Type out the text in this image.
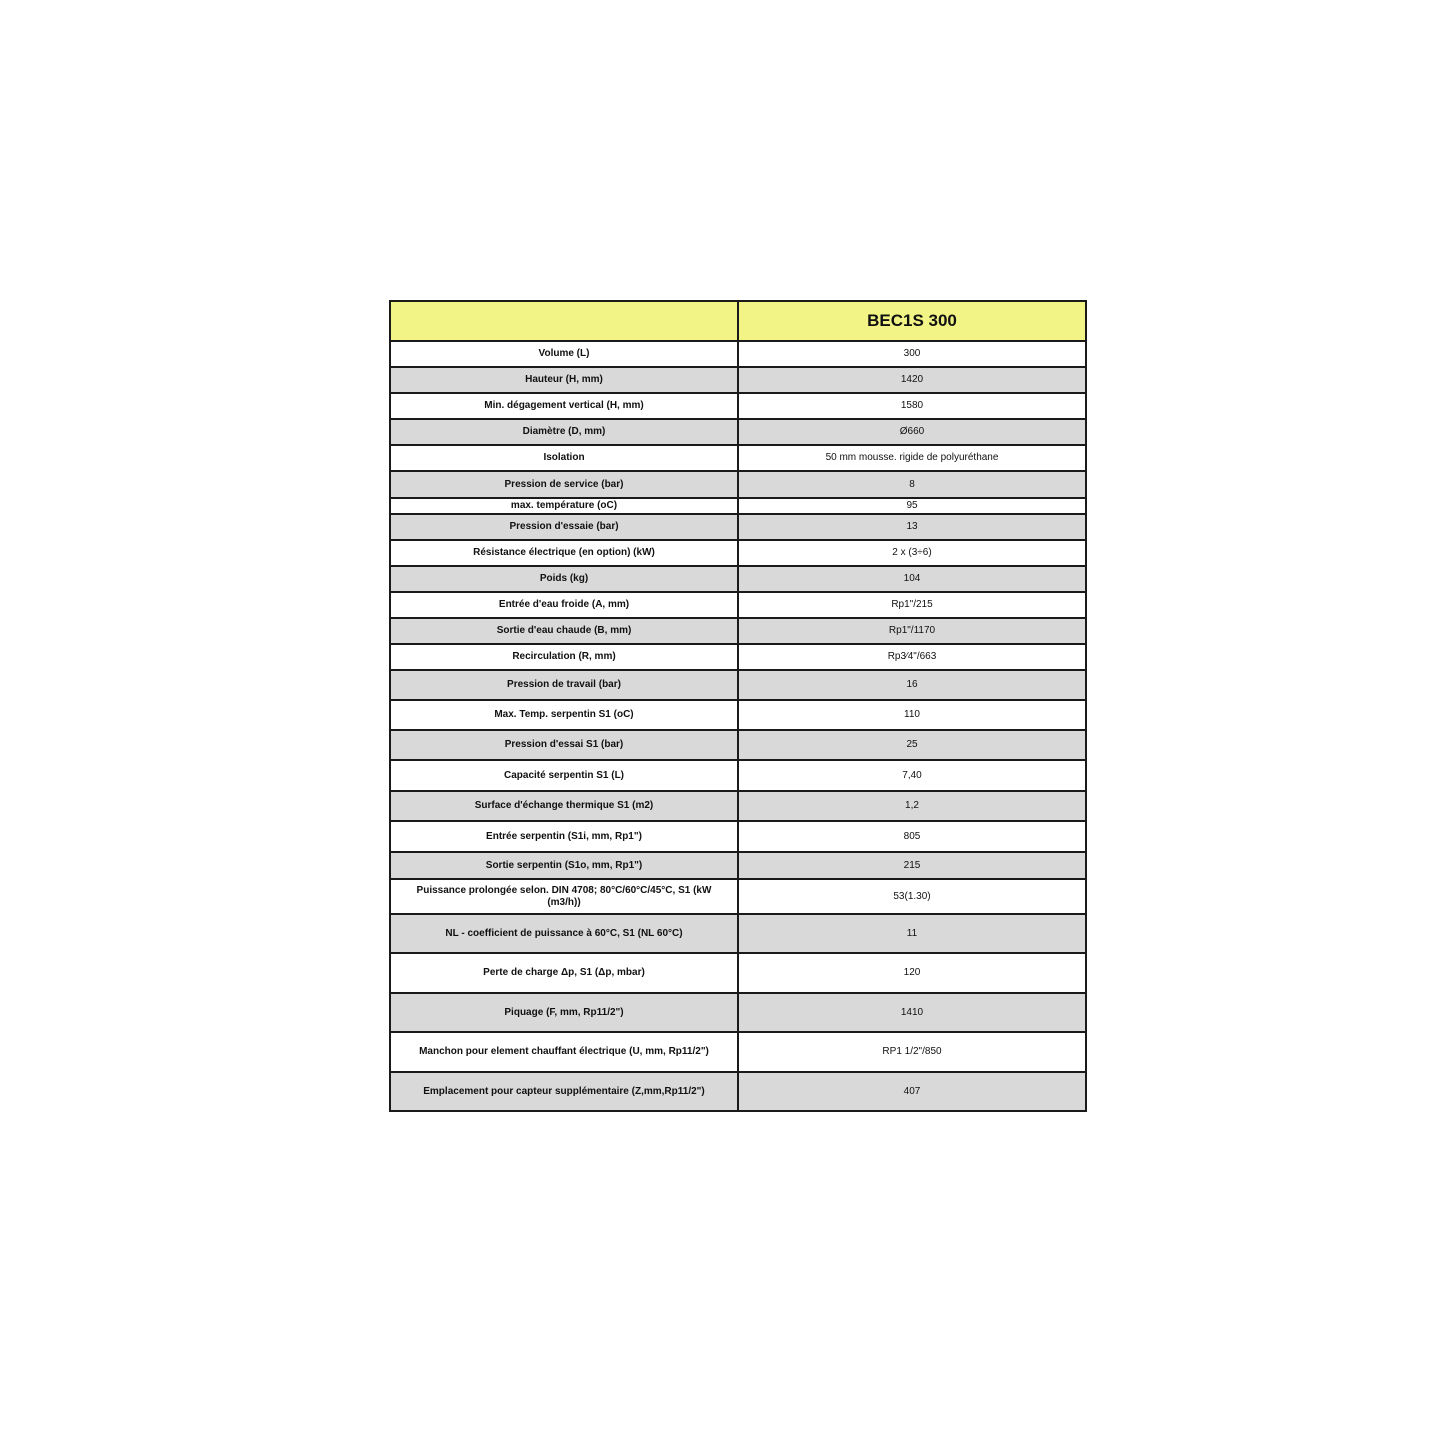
	BEC1S 300
Volume (L)	300
Hauteur (H, mm)	1420
Min. dégagement vertical (H, mm)	1580
Diamètre (D, mm)	Ø660
Isolation	50 mm mousse. rigide de polyuréthane
Pression de service (bar)	8
max. température (oC)	95
Pression d'essaie (bar)	13
Résistance électrique (en option) (kW)	2 x (3÷6)
Poids (kg)	104
Entrée d'eau froide (A, mm)	Rp1"/215
Sortie d'eau chaude (B, mm)	Rp1"/1170
Recirculation (R, mm)	Rp3⁄4"/663
Pression de travail (bar)	16
Max. Temp. serpentin S1 (oC)	110
Pression d'essai S1 (bar)	25
Capacité serpentin S1 (L)	7,40
Surface d'échange thermique S1 (m2)	1,2
Entrée serpentin (S1i, mm, Rp1")	805
Sortie serpentin (S1o, mm, Rp1")	215
Puissance prolongée selon. DIN 4708; 80°C/60°C/45°C, S1 (kW (m3/h))	53(1.30)
NL - coefficient de puissance à 60°C, S1 (NL 60°C)	11
Perte de charge Δp, S1 (Δp, mbar)	120
Piquage (F, mm, Rp11/2")	1410
Manchon pour element chauffant électrique (U, mm, Rp11/2")	RP1 1/2"/850
Emplacement pour capteur supplémentaire (Z,mm,Rp11/2")	407
